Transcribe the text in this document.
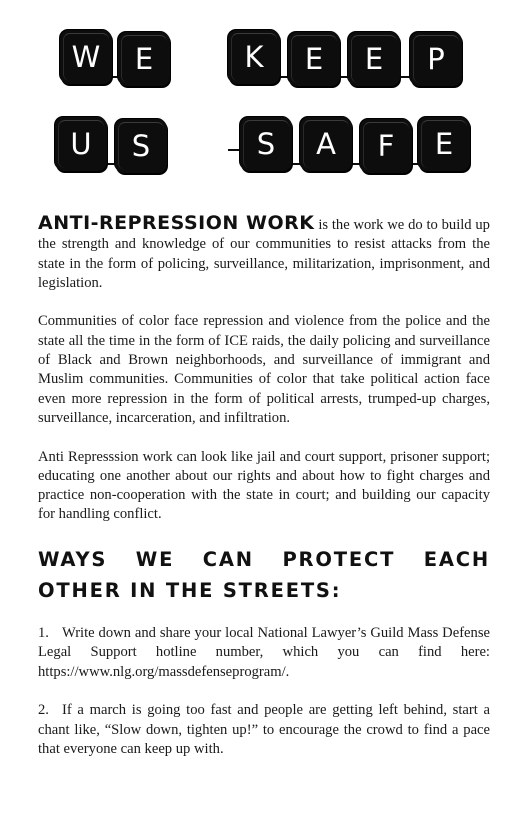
W	E	K	E	E	P
U	S	S	A	F	E

ANTI-REPRESSION WORK is the work we do to build up the strength and knowledge of our communities to resist attacks from the state in the form of policing, surveillance, militarization, imprisonment, and legislation.

Communities of color face repression and violence from the police and the state all the time in the form of ICE raids, the daily policing and surveillance of Black and Brown neighborhoods, and surveillance of immigrant and Muslim communities. Communities of color that take political action face even more repression in the form of political arrests, trumped-up charges, surveillance, incarceration, and infiltration.

Anti Represssion work can look like jail and court support, prisoner support; educating one another about our rights and about how to fight charges and practice non-cooperation with the state in court; and building our capacity for handling conflict.

WAYS WE CAN PROTECT EACH OTHER IN THE STREETS:

1. Write down and share your local National Lawyer’s Guild Mass Defense Legal Support hotline number, which you can find here: https://www.nlg.org/massdefenseprogram/.

2. If a march is going too fast and people are getting left behind, start a chant like, “Slow down, tighten up!” to encourage the crowd to find a pace that everyone can keep up with.
